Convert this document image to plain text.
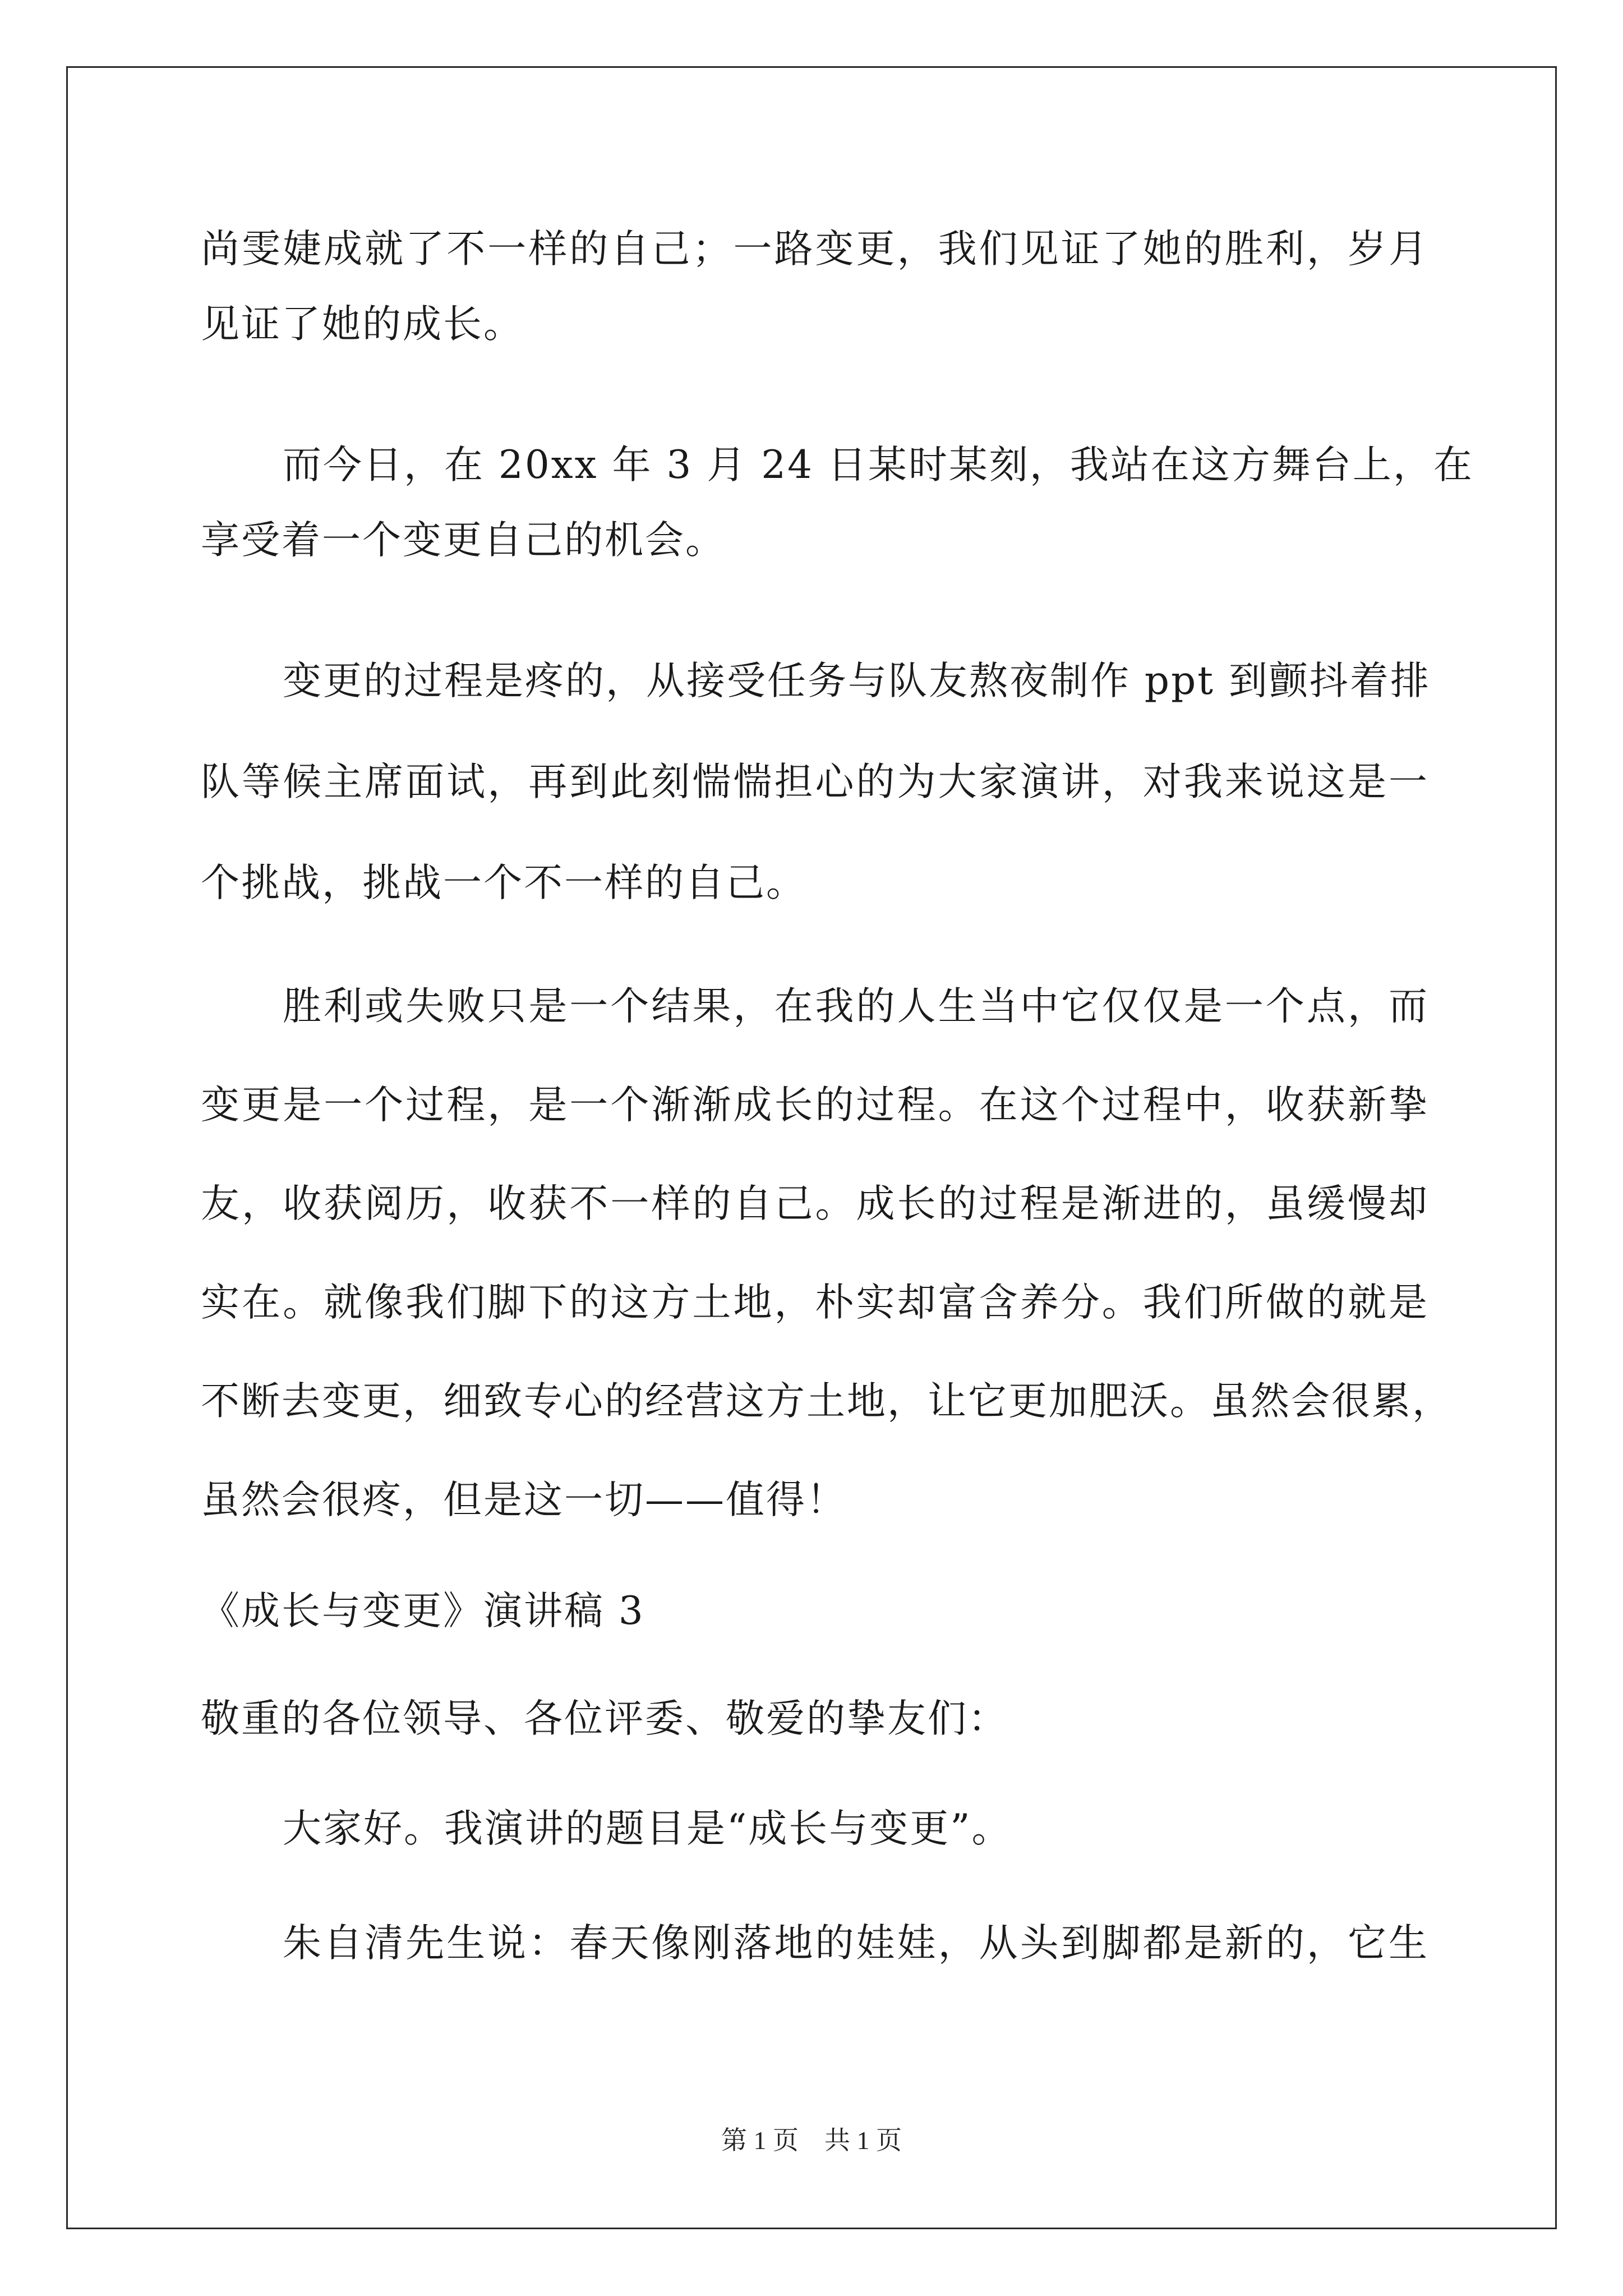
尚雯婕成就了不一样的自己；一路变更，我们见证了她的胜利，岁月
见证了她的成长。
而今日，在 20xx 年 3 月 24 日某时某刻，我站在这方舞台上，在
享受着一个变更自己的机会。
变更的过程是疼的，从接受任务与队友熬夜制作 ppt 到颤抖着排
队等候主席面试，再到此刻惴惴担心的为大家演讲，对我来说这是一
个挑战，挑战一个不一样的自己。
胜利或失败只是一个结果，在我的人生当中它仅仅是一个点，而
变更是一个过程，是一个渐渐成长的过程。在这个过程中，收获新挚
友，收获阅历，收获不一样的自己。成长的过程是渐进的，虽缓慢却
实在。就像我们脚下的这方土地，朴实却富含养分。我们所做的就是
不断去变更，细致专心的经营这方土地，让它更加肥沃。虽然会很累，
虽然会很疼，但是这一切——值得！
《成长与变更》演讲稿 3
敬重的各位领导、各位评委、敬爱的挚友们：
大家好。我演讲的题目是“成长与变更”。
朱自清先生说：春天像刚落地的娃娃，从头到脚都是新的，它生
第 1 页　共 1 页
